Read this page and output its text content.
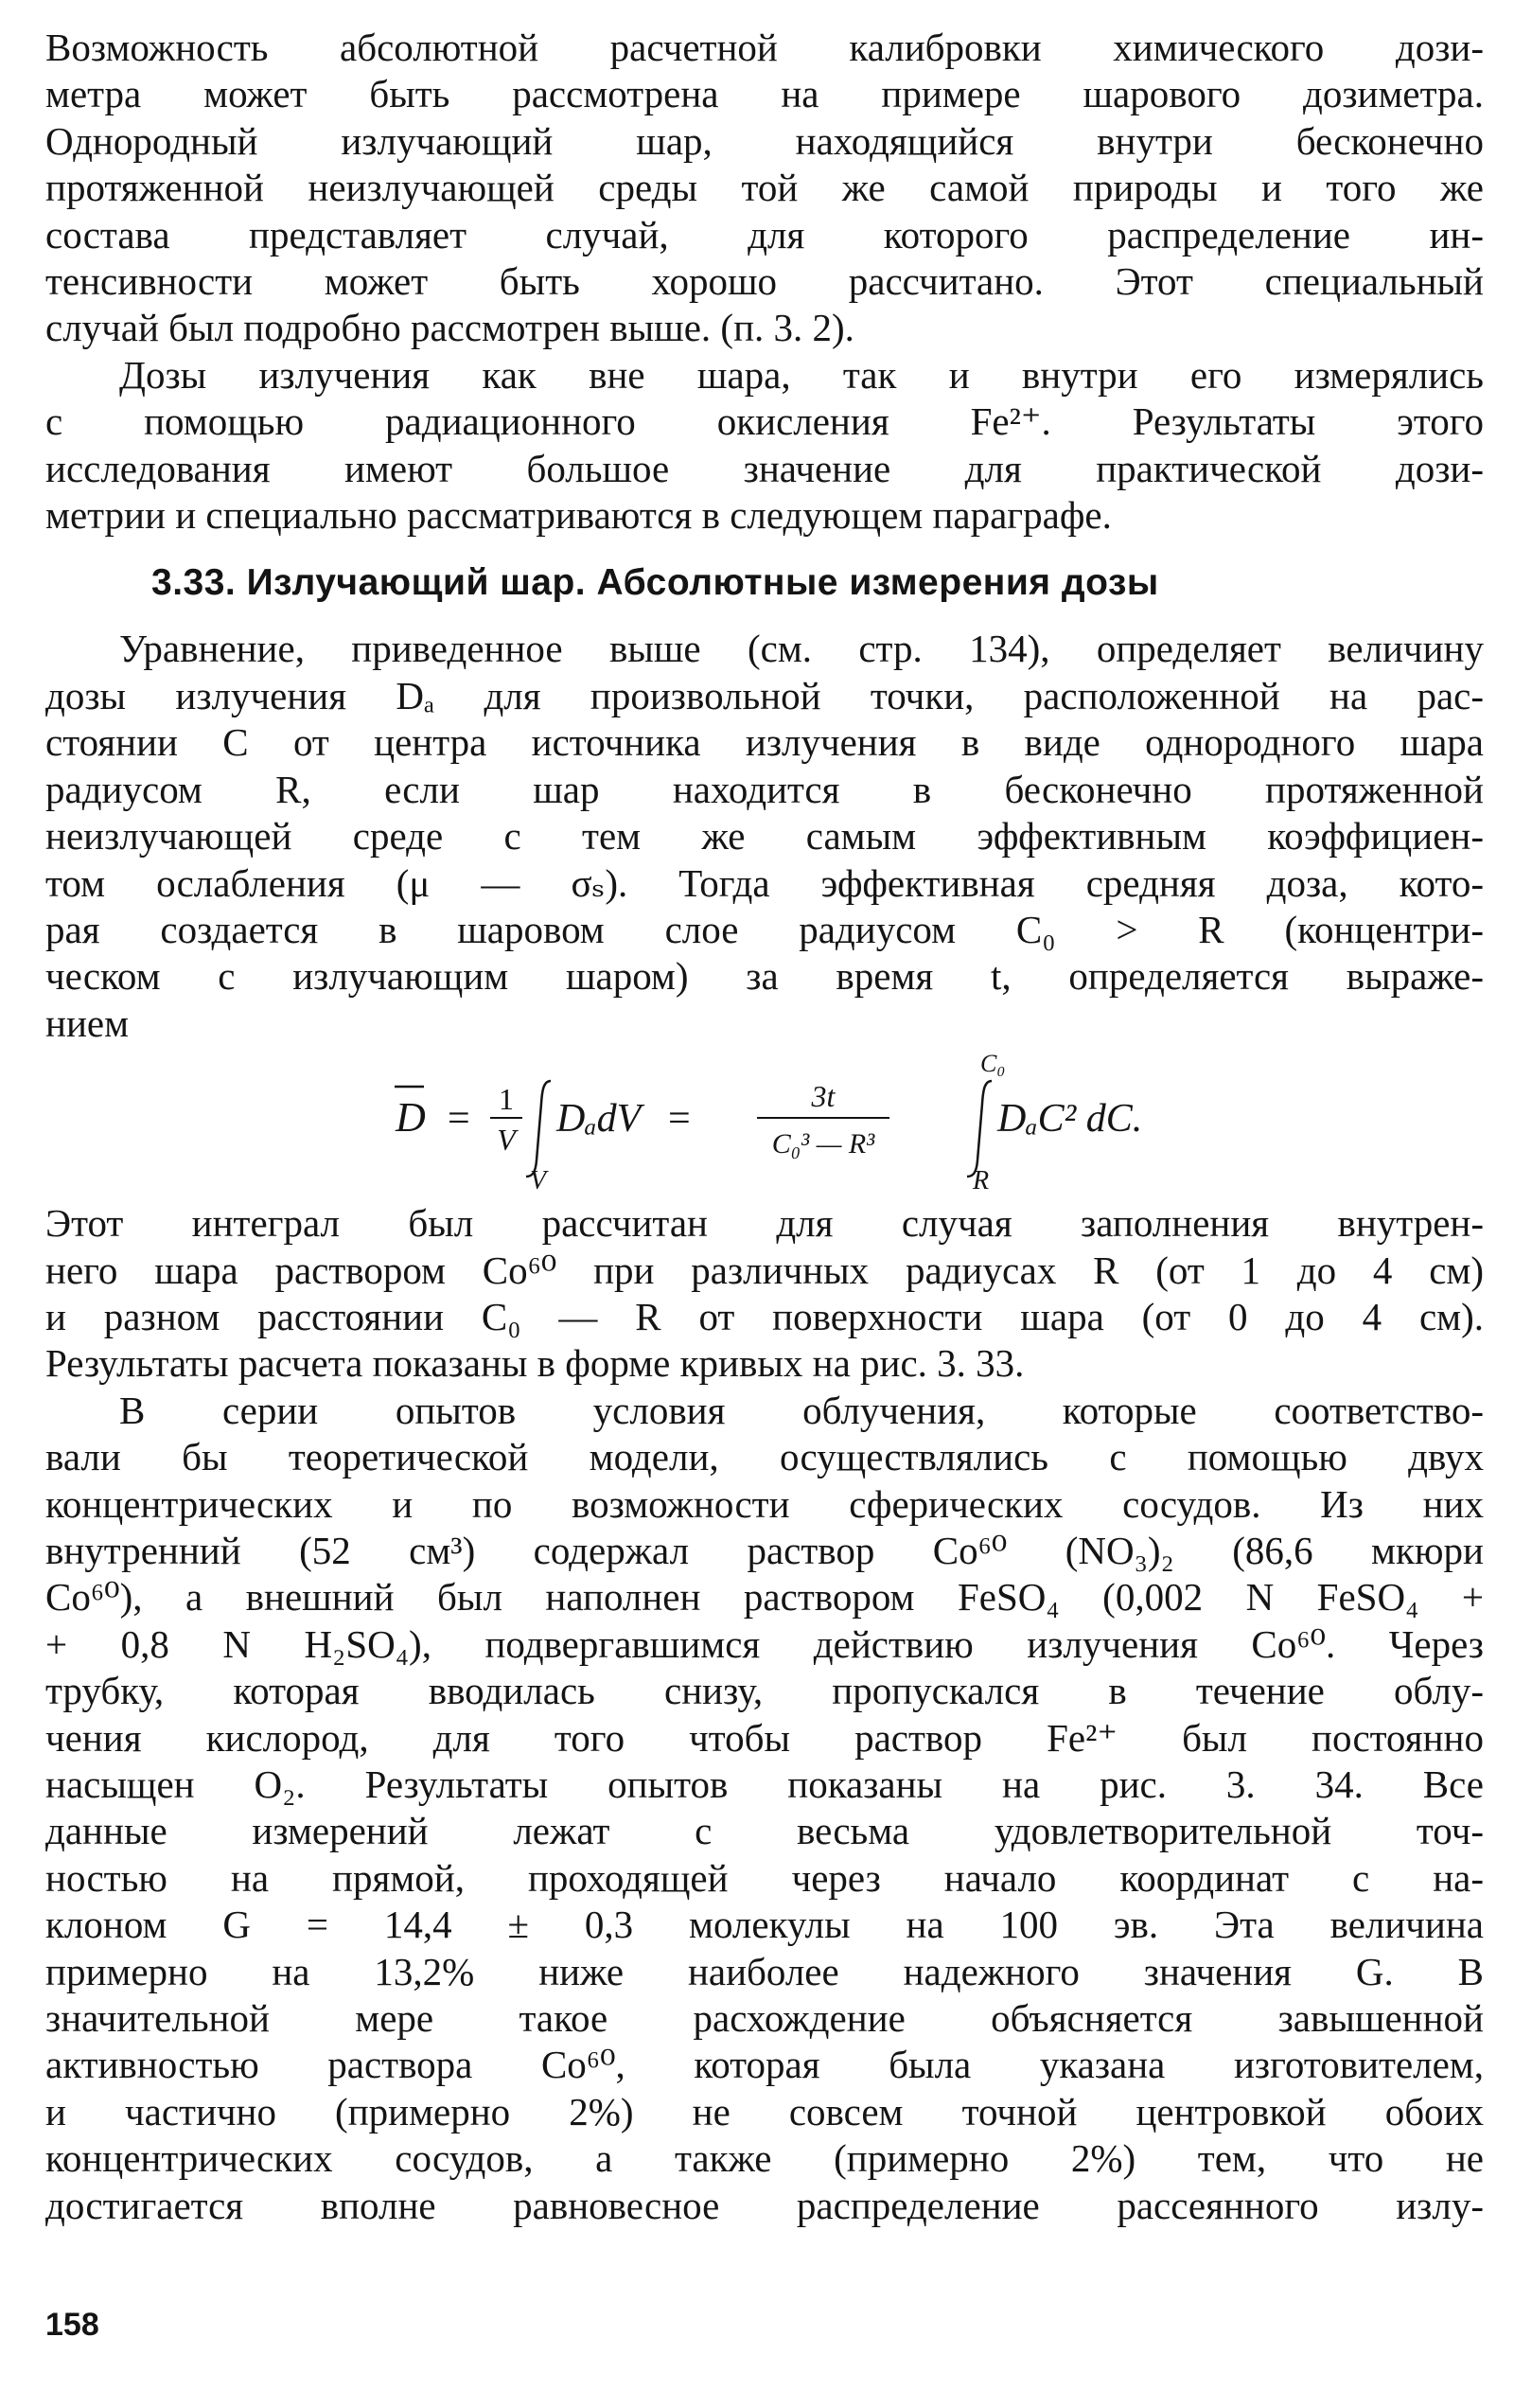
Возможность абсолютной расчетной калибровки химического дози-
метра может быть рассмотрена на примере шарового дозиметра.
Однородный излучающий шар, находящийся внутри бесконечно
протяженной неизлучающей среды той же самой природы и того же
состава представляет случай, для которого распределение ин-
тенсивности может быть хорошо рассчитано. Этот специальный
случай был подробно рассмотрен выше. (п. 3. 2).
Дозы излучения как вне шара, так и внутри его измерялись
с помощью радиационного окисления Fe²⁺. Результаты этого
исследования имеют большое значение для практической дози-
метрии и специально рассматриваются в следующем параграфе.
3.33. Излучающий шар. Абсолютные измерения дозы
Уравнение, приведенное выше (см. стр. 134), определяет величину
дозы излучения Dₐ для произвольной точки, расположенной на рас-
стоянии C от центра источника излучения в виде однородного шара
радиусом R, если шар находится в бесконечно протяженной
неизлучающей среде с тем же самым эффективным коэффициен-
том ослабления (μ — σₛ). Тогда эффективная средняя доза, кото-
рая создается в шаровом слое радиусом C₀ > R (концентри-
ческом с излучающим шаром) за время t, определяется выраже-
нием
D = 1
V DₐdV
V
=
3t
C₀³ — R³
C₀
DₐC² dC.
R
Этот интеграл был рассчитан для случая заполнения внутрен-
него шара раствором Co⁶⁰ при различных радиусах R (от 1 до 4 см)
и разном расстоянии C₀ — R от поверхности шара (от 0 до 4 см).
Результаты расчета показаны в форме кривых на рис. 3. 33.
В серии опытов условия облучения, которые соответство-
вали бы теоретической модели, осуществлялись с помощью двух
концентрических и по возможности сферических сосудов. Из них
внутренний (52 см³) содержал раствор Co⁶⁰ (NO₃)₂ (86,6 мкюри
Co⁶⁰), а внешний был наполнен раствором FeSO₄ (0,002 N FeSO₄ +
+ 0,8 N H₂SO₄), подвергавшимся действию излучения Co⁶⁰. Через
трубку, которая вводилась снизу, пропускался в течение облу-
чения кислород, для того чтобы раствор Fe²⁺ был постоянно
насыщен O₂. Результаты опытов показаны на рис. 3. 34. Все
данные измерений лежат с весьма удовлетворительной точ-
ностью на прямой, проходящей через начало координат с на-
клоном G = 14,4 ± 0,3 молекулы на 100 эв. Эта величина
примерно на 13,2% ниже наиболее надежного значения G. В
значительной мере такое расхождение объясняется завышенной
активностью раствора Co⁶⁰, которая была указана изготовителем,
и частично (примерно 2%) не совсем точной центровкой обоих
концентрических сосудов, а также (примерно 2%) тем, что не
достигается вполне равновесное распределение рассеянного излу-
158
